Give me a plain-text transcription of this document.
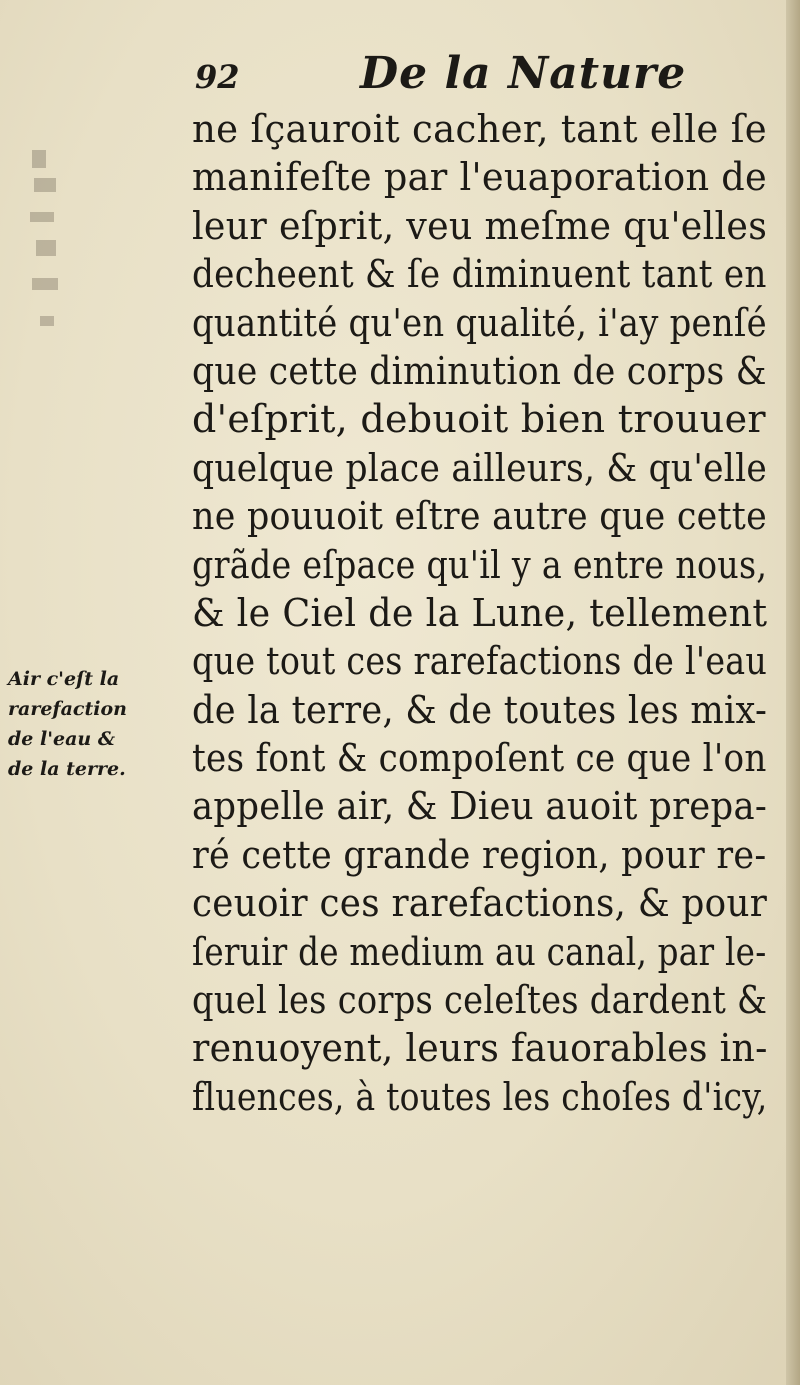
92	De la Nature
ne ſçauroit cacher, tant elle ſe
manifeſte par l'euaporation de
leur eſprit, veu meſme qu'elles
decheent & ſe diminuent tant en
quantité qu'en qualité, i'ay penſé
que cette diminution de corps &
d'eſprit, debuoit bien trouuer
quelque place ailleurs, & qu'elle
ne pouuoit eſtre autre que cette
grãde eſpace qu'il y a entre nous,
& le Ciel de la Lune, tellement
que tout ces rarefactions de l'eau
de la terre, & de toutes les mix-
tes font & compoſent ce que l'on
appelle air, & Dieu auoit prepa-
ré cette grande region, pour re-
ceuoir ces rarefactions, & pour
ſeruir de medium au canal, par le-
quel les corps celeſtes dardent &
renuoyent, leurs fauorables in-
fluences, à toutes les choſes d'icy,
Air c'eſt la
rarefaction
de l'eau &
de la terre.
